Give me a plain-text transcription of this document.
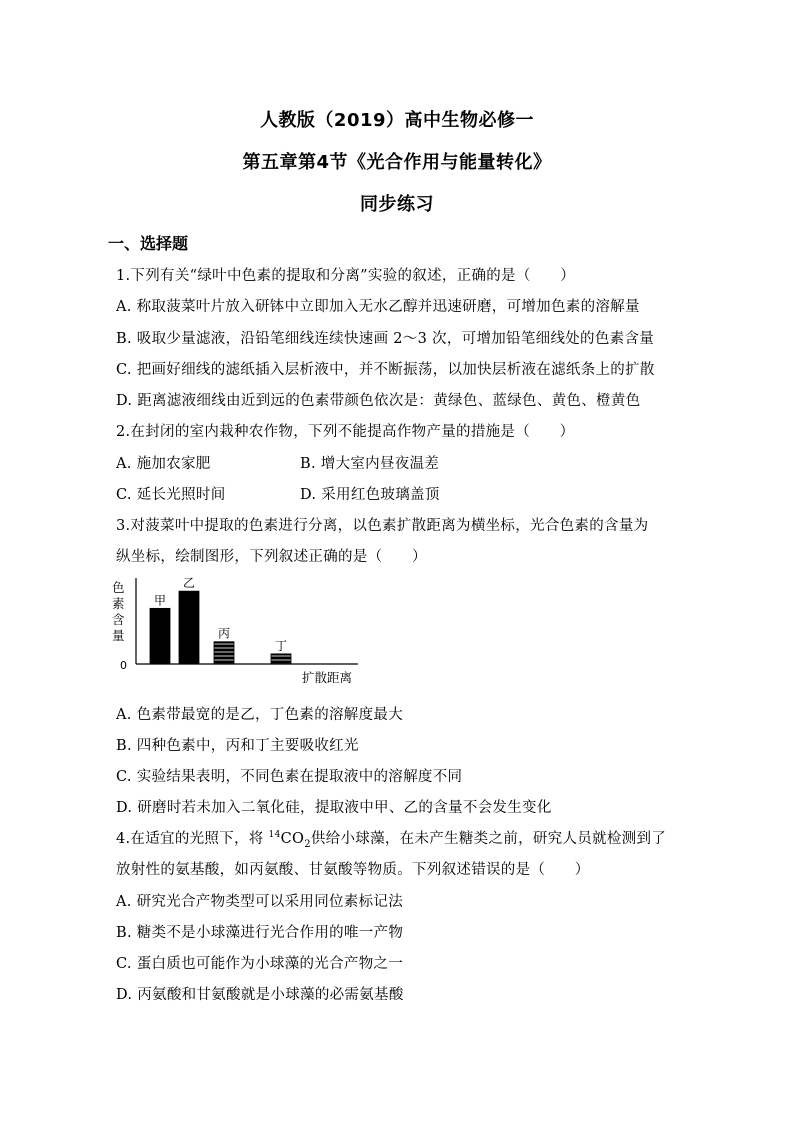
人教版（2019）高中生物必修一
第五章第4节《光合作用与能量转化》
同步练习
一、选择题
1.下列有关“绿叶中色素的提取和分离”实验的叙述，正确的是（　　）
A. 称取菠菜叶片放入研钵中立即加入无水乙醇并迅速研磨，可增加色素的溶解量
B. 吸取少量滤液，沿铅笔细线连续快速画 2～3 次，可增加铅笔细线处的色素含量
C. 把画好细线的滤纸插入层析液中，并不断振荡，以加快层析液在滤纸条上的扩散
D. 距离滤液细线由近到远的色素带颜色依次是：黄绿色、蓝绿色、黄色、橙黄色
2.在封闭的室内栽种农作物，下列不能提高作物产量的措施是（　　）
A. 施加农家肥	B. 增大室内昼夜温差
C. 延长光照时间	D. 采用红色玻璃盖顶
3.对菠菜叶中提取的色素进行分离，以色素扩散距离为横坐标，光合色素的含量为
纵坐标，绘制图形，下列叙述正确的是（　　）
色
素
含
量
0
甲
乙
丙
丁
扩散距离
A. 色素带最宽的是乙，丁色素的溶解度最大
B. 四种色素中，丙和丁主要吸收红光
C. 实验结果表明，不同色素在提取液中的溶解度不同
D. 研磨时若未加入二氧化硅，提取液中甲、乙的含量不会发生变化
4.在适宜的光照下，将 $^{14}CO_2$供给小球藻，在未产生糖类之前，研究人员就检测到了
放射性的氨基酸，如丙氨酸、甘氨酸等物质。下列叙述错误的是（　　）
A. 研究光合产物类型可以采用同位素标记法
B. 糖类不是小球藻进行光合作用的唯一产物
C. 蛋白质也可能作为小球藻的光合产物之一
D. 丙氨酸和甘氨酸就是小球藻的必需氨基酸
